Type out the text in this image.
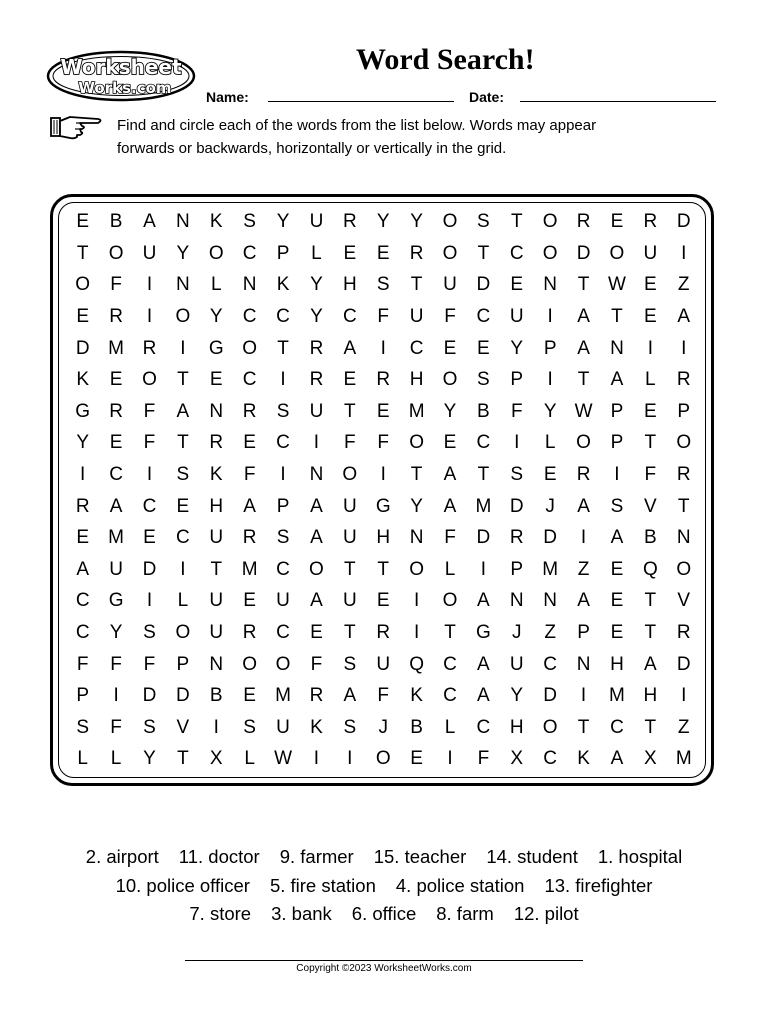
Worksheet
Works.com
Word Search!
Name:	Date:
Find and circle each of the words from the list below. Words may appear
forwards or backwards, horizontally or vertically in the grid.
E	B	A	N	K	S	Y	U	R	Y	Y	O	S	T	O	R	E	R	D
T	O	U	Y	O	C	P	L	E	E	R	O	T	C	O	D	O	U	I
O	F	I	N	L	N	K	Y	H	S	T	U	D	E	N	T W E	Z
E	R	I	O	Y	C	C	Y	C	F	U	F	C	U	I	A	T	E	A
D M R	I	G O	T	R	A	I	C	E	E	Y	P	A	N	I	I
K	E	O	T	E	C	I	R	E	R	H	O	S	P	I	T	A	L	R
G	R	F	A	N	R	S	U	T	E	M	Y	B	F	Y W P	E	P
Y	E	F	T	R	E	C	I	F	F	O	E	C	I	L	O	P	T	O
I	C	I	S	K	F	I	N	O	I	T	A	T	S	E	R	I	F	R
R	A	C	E	H	A	P	A	U	G	Y	A	M D	J	A	S	V	T
E	M	E	C	U	R	S	A	U	H	N	F	D	R	D	I	A	B	N
A	U	D	I	T	M C	O	T	T	O	L	I	P	M	Z	E	Q O
C	G	I	L	U	E	U	A	U	E	I	O	A	N	N	A	E	T	V
C	Y	S	O	U	R	C	E	T	R	I	T	G	J	Z	P	E	T	R
F	F	F	P	N	O O	F	S	U	Q	C	A	U	C	N	H	A	D
P	I	D	D	B	E	M R	A	F	K	C	A	Y	D	I	M H	I
S	F	S	V	I	S	U	K	S	J	B	L	C	H	O	T	C	T	Z
L	L	Y	T	X	L	W	I	I	O	E	I	F	X	C	K	A	X	M
2. airport 11. doctor 9. farmer 15. teacher 14. student 1. hospital
10. police officer 5. fire station 4. police station 13. firefighter
7. store 3. bank 6. office 8. farm 12. pilot
Copyright ©2023 WorksheetWorks.com
